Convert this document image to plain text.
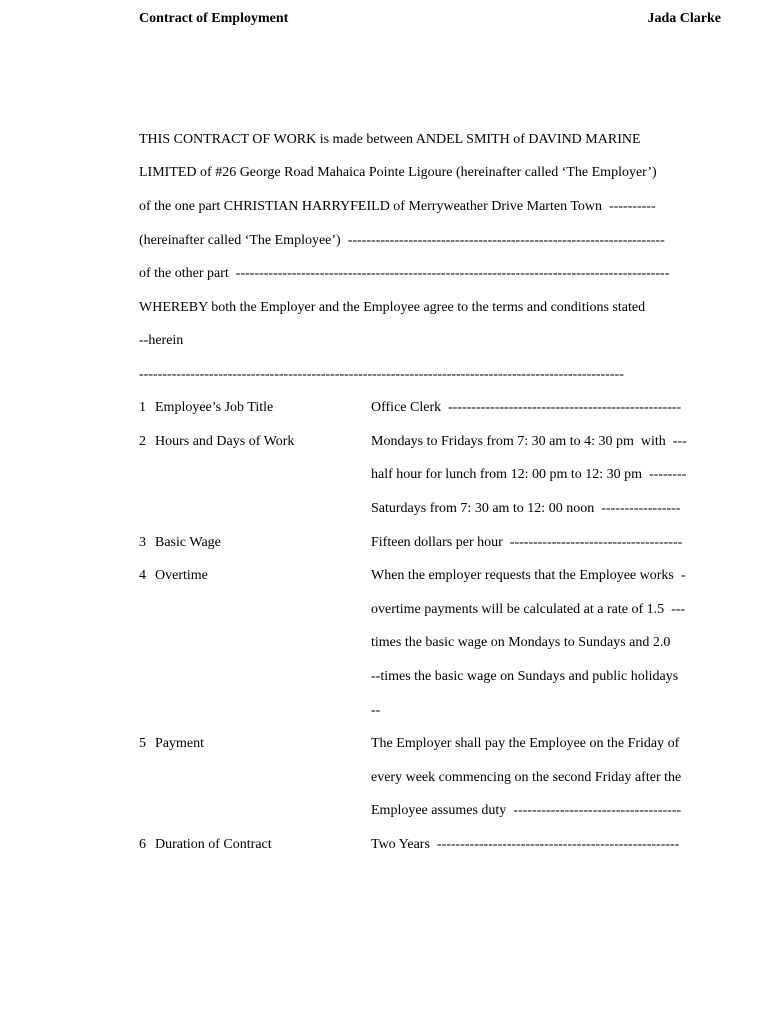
Contract of Employment	Jada Clarke
THIS CONTRACT OF WORK is made between ANDEL SMITH of DAVIND MARINE
LIMITED of #26 George Road Mahaica Pointe Ligoure (hereinafter called ‘The Employer’)
of the one part CHRISTIAN HARRYFEILD of Merryweather Drive Marten Town  ----------
(hereinafter called ‘The Employee’)  --------------------------------------------------------------------
of the other part  ---------------------------------------------------------------------------------------------
WHEREBY both the Employer and the Employee agree to the terms and conditions stated
--herein
--------------------------------------------------------------------------------------------------------
1 Employee’s Job Title	Office Clerk  --------------------------------------------------
2 Hours and Days of Work	Mondays to Fridays from 7: 30 am to 4: 30 pm  with  ---
half hour for lunch from 12: 00 pm to 12: 30 pm  --------
Saturdays from 7: 30 am to 12: 00 noon  -----------------
3 Basic Wage	Fifteen dollars per hour  -------------------------------------
4 Overtime	When the employer requests that the Employee works  -
overtime payments will be calculated at a rate of 1.5  ---
times the basic wage on Mondays to Sundays and 2.0
--times the basic wage on Sundays and public holidays
--
5 Payment	The Employer shall pay the Employee on the Friday of
every week commencing on the second Friday after the
Employee assumes duty  ------------------------------------
6 Duration of Contract	Two Years  ----------------------------------------------------
